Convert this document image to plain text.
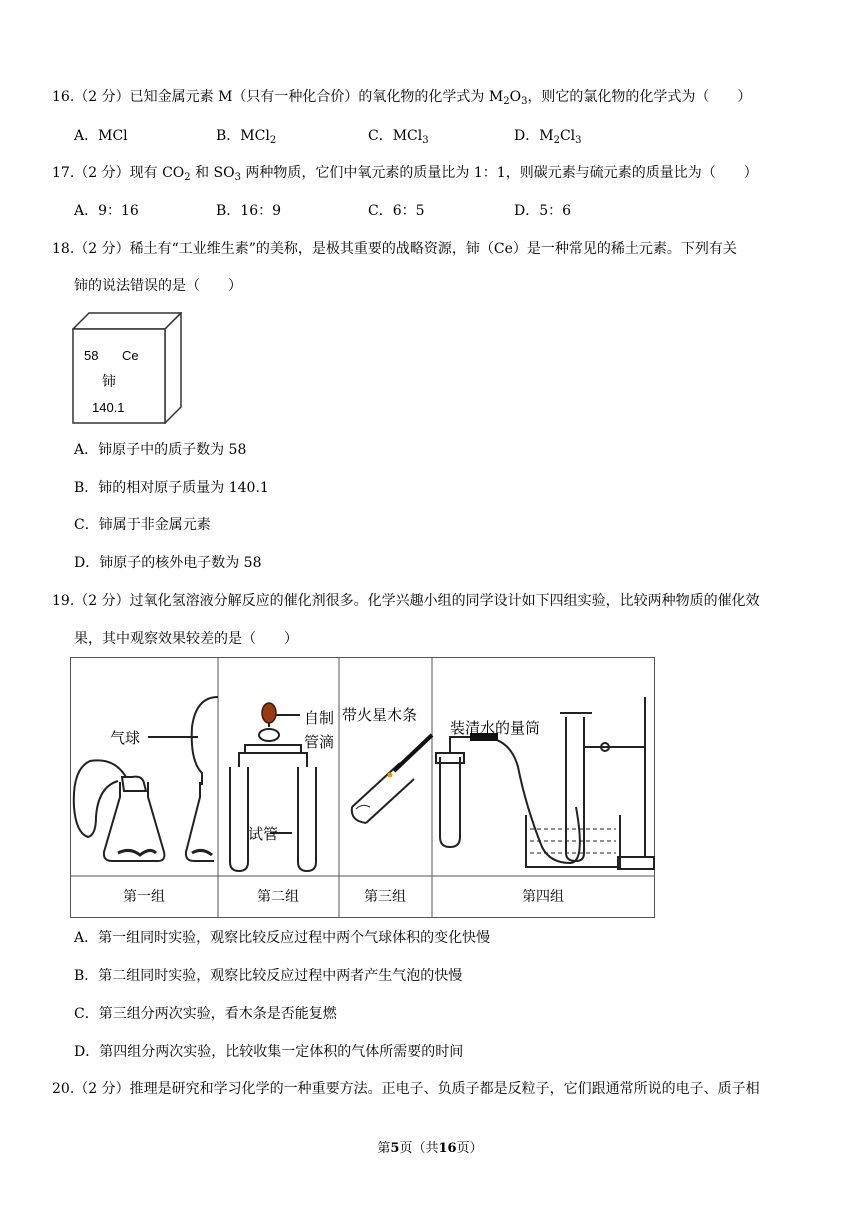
16.（2 分）已知金属元素 M（只有一种化合价）的氧化物的化学式为 $M_2O_3$，则它的氯化物的化学式为（　　）
A．MCl	B．MCl$_2$	C．MCl$_3$	D．$M_2Cl_3$
17.（2 分）现有 $CO_2$ 和 $SO_3$ 两种物质，它们中氧元素的质量比为 1：1，则碳元素与硫元素的质量比为（　　）
A．9：16	B．16：9	C．6：5	D．5：6
18.（2 分）稀土有“工业维生素”的美称，是极其重要的战略资源，铈（Ce）是一种常见的稀土元素。下列有关
铈的说法错误的是（　　）
58 Ce
铈
140.1
A．铈原子中的质子数为 58
B．铈的相对原子质量为 140.1
C．铈属于非金属元素
D．铈原子的核外电子数为 58
19.（2 分）过氧化氢溶液分解反应的催化剂很多。化学兴趣小组的同学设计如下四组实验，比较两种物质的催化效
果，其中观察效果较差的是（　　）
气球
自制
管滴
试管
带火星木条
装清水的量筒
第一组	第二组	第三组	第四组
A．第一组同时实验，观察比较反应过程中两个气球体积的变化快慢
B．第二组同时实验，观察比较反应过程中两者产生气泡的快慢
C．第三组分两次实验，看木条是否能复燃
D．第四组分两次实验，比较收集一定体积的气体所需要的时间
20.（2 分）推理是研究和学习化学的一种重要方法。正电子、负质子都是反粒子，它们跟通常所说的电子、质子相
第5页（共16页）
